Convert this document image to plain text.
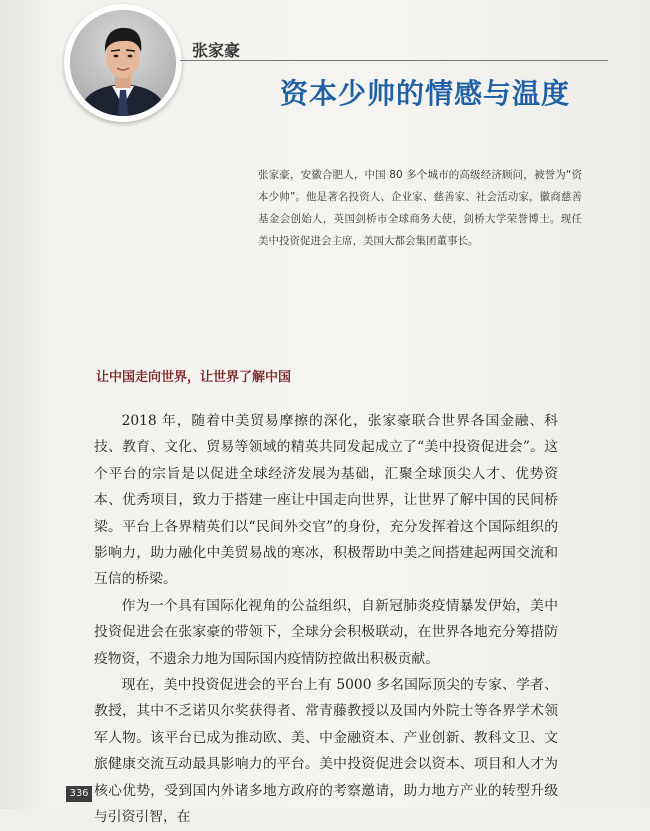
张家豪
资本少帅的情感与温度

张家豪，安徽合肥人，中国 80 多个城市的高级经济顾问，被誉为“资本少帅”。他是著名投资人、企业家、慈善家、社会活动家，徽商慈善基金会创始人，英国剑桥市全球商务大使，剑桥大学荣誉博士。现任美中投资促进会主席，美国大都会集团董事长。

让中国走向世界，让世界了解中国

2018 年，随着中美贸易摩擦的深化，张家豪联合世界各国金融、科技、教育、文化、贸易等领域的精英共同发起成立了“美中投资促进会”。这个平台的宗旨是以促进全球经济发展为基础，汇聚全球顶尖人才、优势资本、优秀项目，致力于搭建一座让中国走向世界，让世界了解中国的民间桥梁。平台上各界精英们以“民间外交官”的身份，充分发挥着这个国际组织的影响力，助力融化中美贸易战的寒冰，积极帮助中美之间搭建起两国交流和互信的桥梁。

作为一个具有国际化视角的公益组织，自新冠肺炎疫情暴发伊始，美中投资促进会在张家豪的带领下，全球分会积极联动，在世界各地充分筹措防疫物资，不遗余力地为国际国内疫情防控做出积极贡献。

现在，美中投资促进会的平台上有 5000 多名国际顶尖的专家、学者、教授，其中不乏诺贝尔奖获得者、常青藤教授以及国内外院士等各界学术领军人物。该平台已成为推动欧、美、中金融资本、产业创新、教科文卫、文旅健康交流互动最具影响力的平台。美中投资促进会以资本、项目和人才为核心优势，受到国内外诸多地方政府的考察邀请，助力地方产业的转型升级与引资引智，在

336
